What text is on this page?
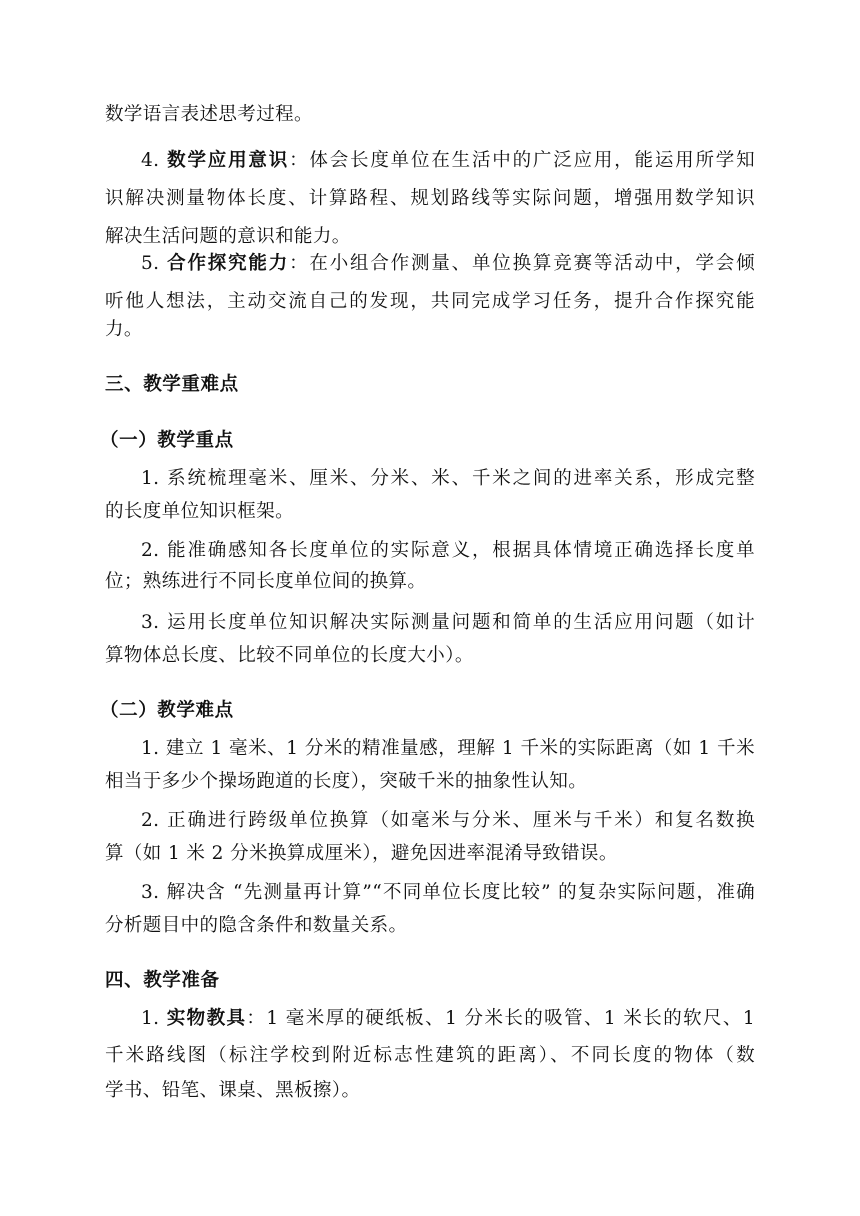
数学语言表述思考过程。
4. 数学应用意识：体会长度单位在生活中的广泛应用，能运用所学知
识解决测量物体长度、计算路程、规划路线等实际问题，增强用数学知识
解决生活问题的意识和能力。
5. 合作探究能力：在小组合作测量、单位换算竞赛等活动中，学会倾
听他人想法，主动交流自己的发现，共同完成学习任务，提升合作探究能
力。
三、教学重难点
（一）教学重点
1. 系统梳理毫米、厘米、分米、米、千米之间的进率关系，形成完整
的长度单位知识框架。
2. 能准确感知各长度单位的实际意义，根据具体情境正确选择长度单
位；熟练进行不同长度单位间的换算。
3. 运用长度单位知识解决实际测量问题和简单的生活应用问题（如计
算物体总长度、比较不同单位的长度大小）。
（二）教学难点
1. 建立 1 毫米、1 分米的精准量感，理解 1 千米的实际距离（如 1 千米
相当于多少个操场跑道的长度），突破千米的抽象性认知。
2. 正确进行跨级单位换算（如毫米与分米、厘米与千米）和复名数换
算（如 1 米 2 分米换算成厘米），避免因进率混淆导致错误。
3. 解决含 “先测量再计算”“不同单位长度比较” 的复杂实际问题，准确
分析题目中的隐含条件和数量关系。
四、教学准备
1. 实物教具：1 毫米厚的硬纸板、1 分米长的吸管、1 米长的软尺、1
千米路线图（标注学校到附近标志性建筑的距离）、不同长度的物体（数
学书、铅笔、课桌、黑板擦）。
